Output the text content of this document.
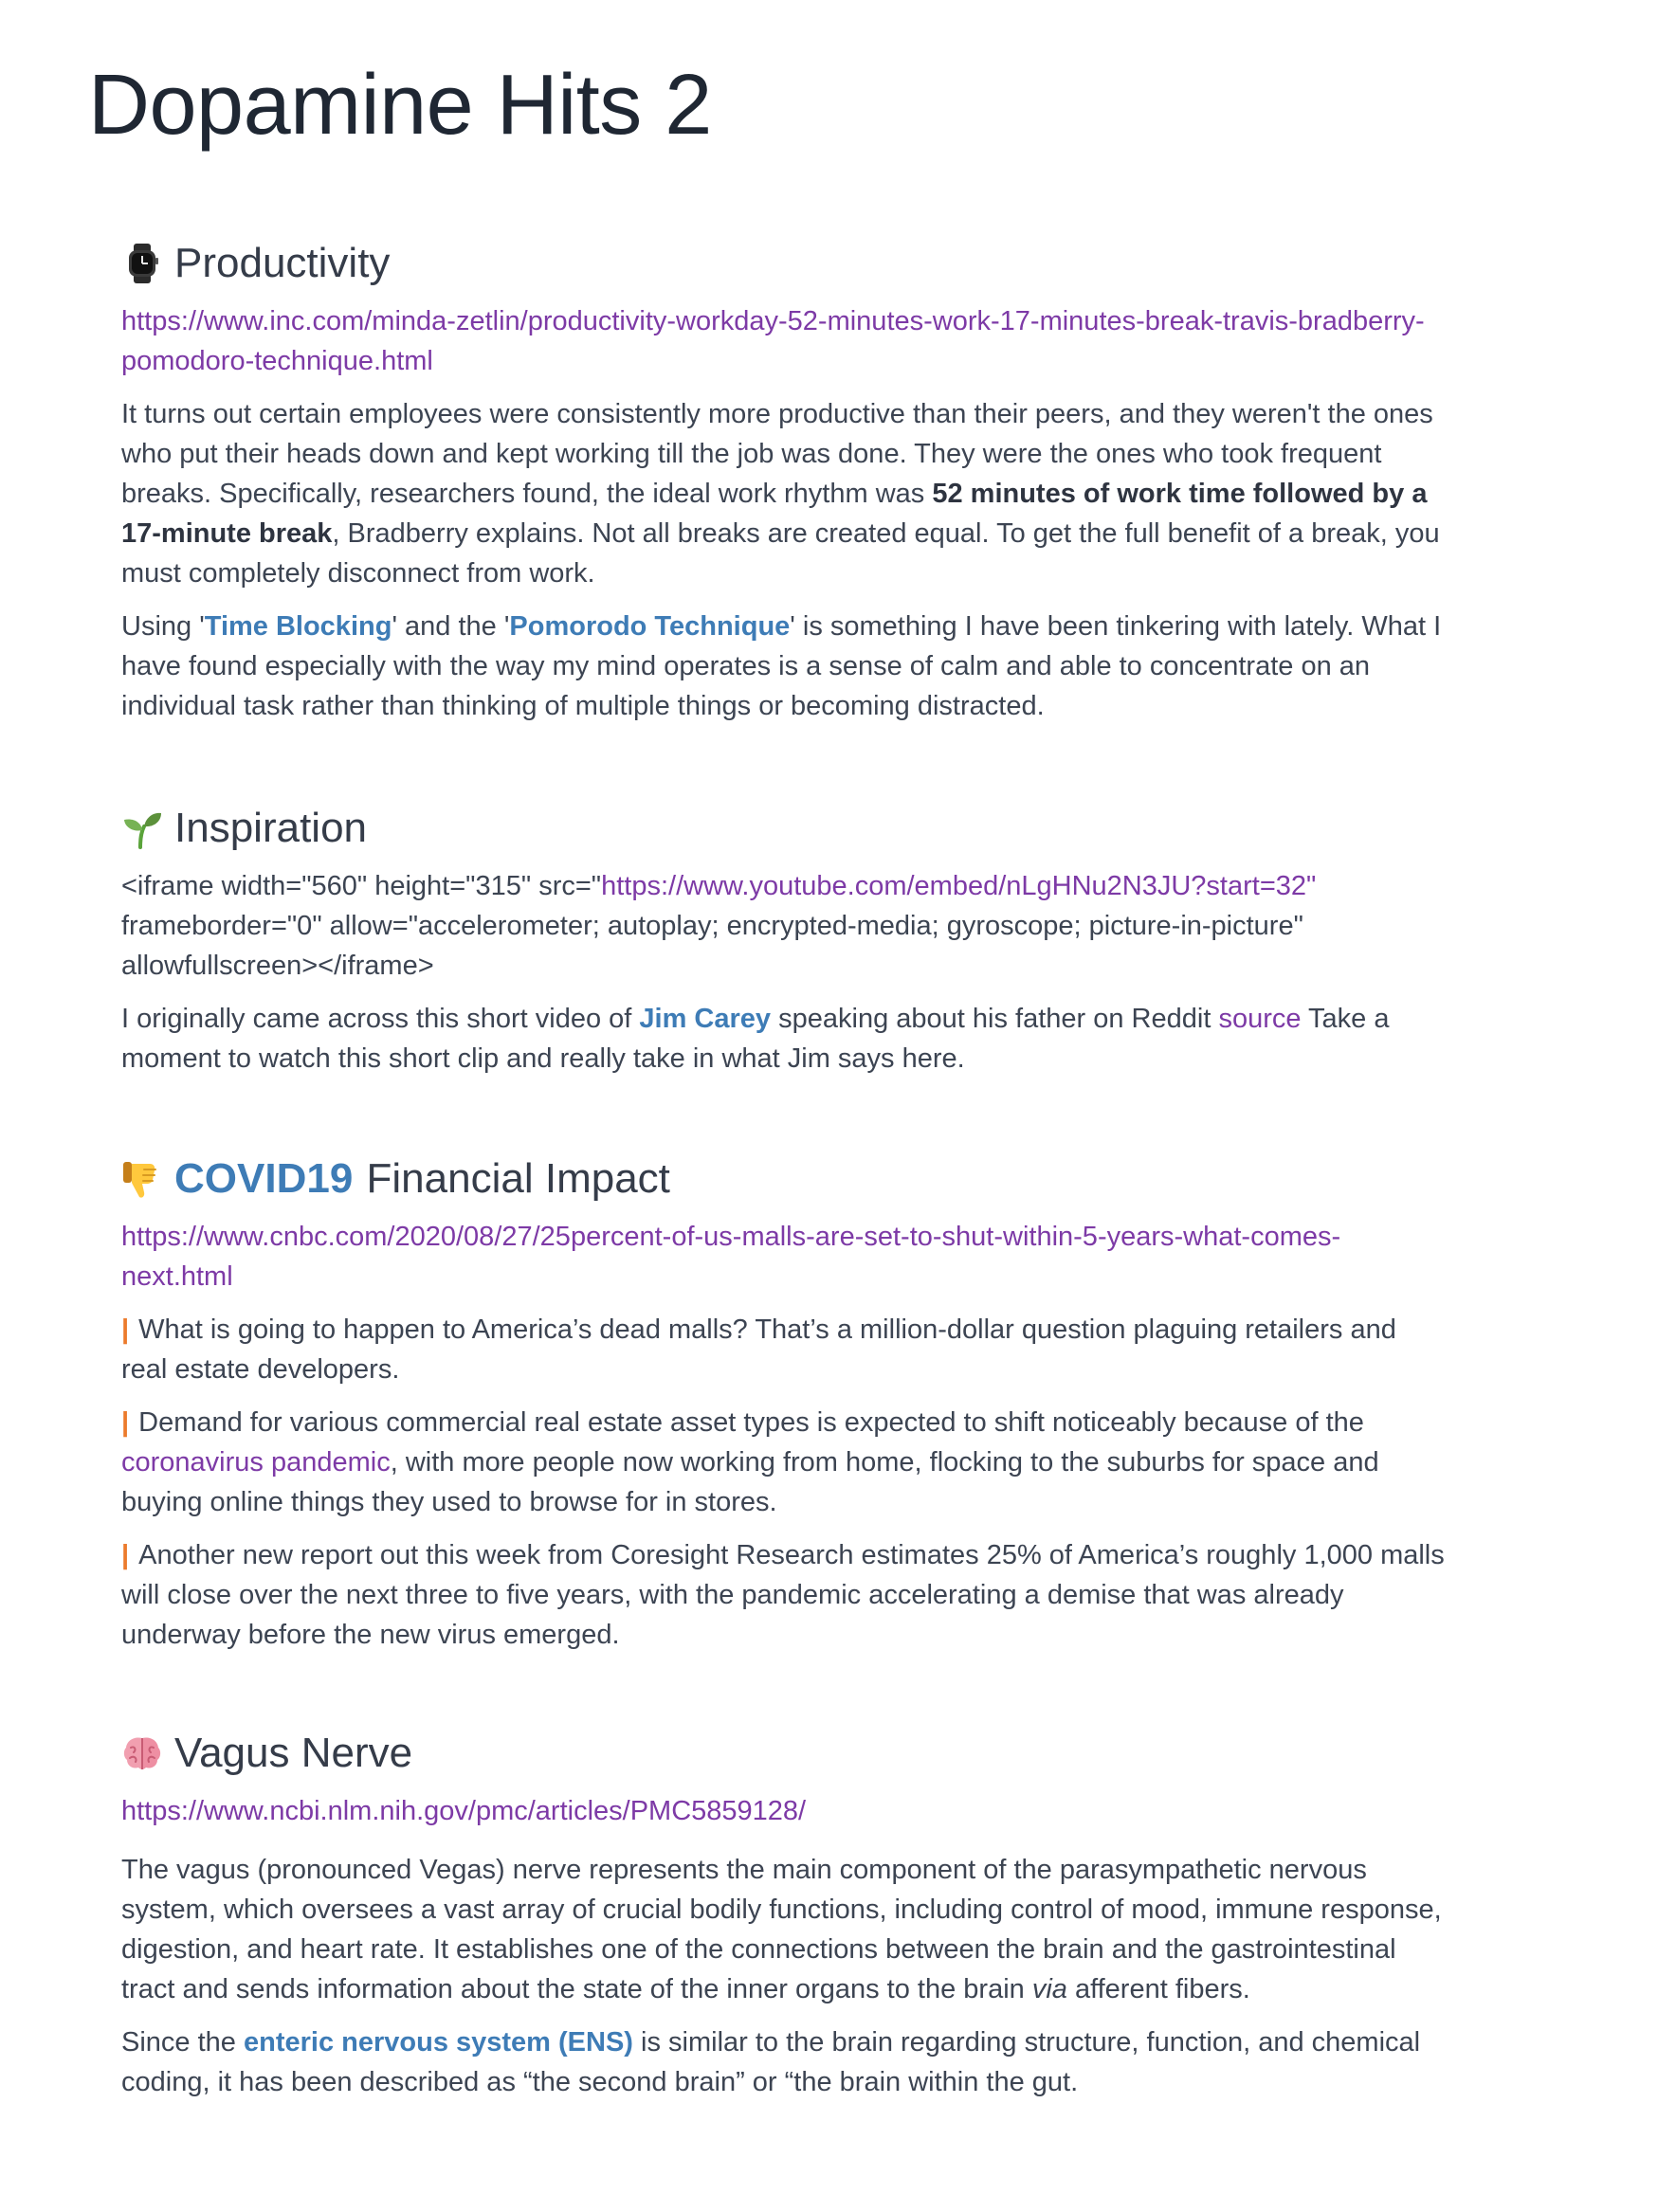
Dopamine Hits 2
Productivity
https://www.inc.com/minda-zetlin/productivity-workday-52-minutes-work-17-minutes-break-travis-bradberry-pomodoro-technique.html

It turns out certain employees were consistently more productive than their peers, and they weren't the ones who put their heads down and kept working till the job was done. They were the ones who took frequent breaks. Specifically, researchers found, the ideal work rhythm was 52 minutes of work time followed by a 17-minute break, Bradberry explains. Not all breaks are created equal. To get the full benefit of a break, you must completely disconnect from work.

Using 'Time Blocking' and the 'Pomorodo Technique' is something I have been tinkering with lately. What I have found especially with the way my mind operates is a sense of calm and able to concentrate on an individual task rather than thinking of multiple things or becoming distracted.

Inspiration

<iframe width="560" height="315" src="https://www.youtube.com/embed/nLgHNu2N3JU?start=32" frameborder="0" allow="accelerometer; autoplay; encrypted-media; gyroscope; picture-in-picture" allowfullscreen></iframe>

I originally came across this short video of Jim Carey speaking about his father on Reddit source Take a moment to watch this short clip and really take in what Jim says here.

COVID19
Financial Impact
https://www.cnbc.com/2020/08/27/25percent-of-us-malls-are-set-to-shut-within-5-years-what-comes-next.html

| What is going to happen to America’s dead malls? That’s a million-dollar question plaguing retailers and real estate developers.

| Demand for various commercial real estate asset types is expected to shift noticeably because of the coronavirus pandemic, with more people now working from home, flocking to the suburbs for space and buying online things they used to browse for in stores.

| Another new report out this week from Coresight Research estimates 25% of America’s roughly 1,000 malls will close over the next three to five years, with the pandemic accelerating a demise that was already underway before the new virus emerged.

Vagus Nerve
https://www.ncbi.nlm.nih.gov/pmc/articles/PMC5859128/

The vagus (pronounced Vegas) nerve represents the main component of the parasympathetic nervous system, which oversees a vast array of crucial bodily functions, including control of mood, immune response, digestion, and heart rate. It establishes one of the connections between the brain and the gastrointestinal tract and sends information about the state of the inner organs to the brain via afferent fibers.

Since the enteric nervous system (ENS) is similar to the brain regarding structure, function, and chemical coding, it has been described as “the second brain” or “the brain within the gut.
